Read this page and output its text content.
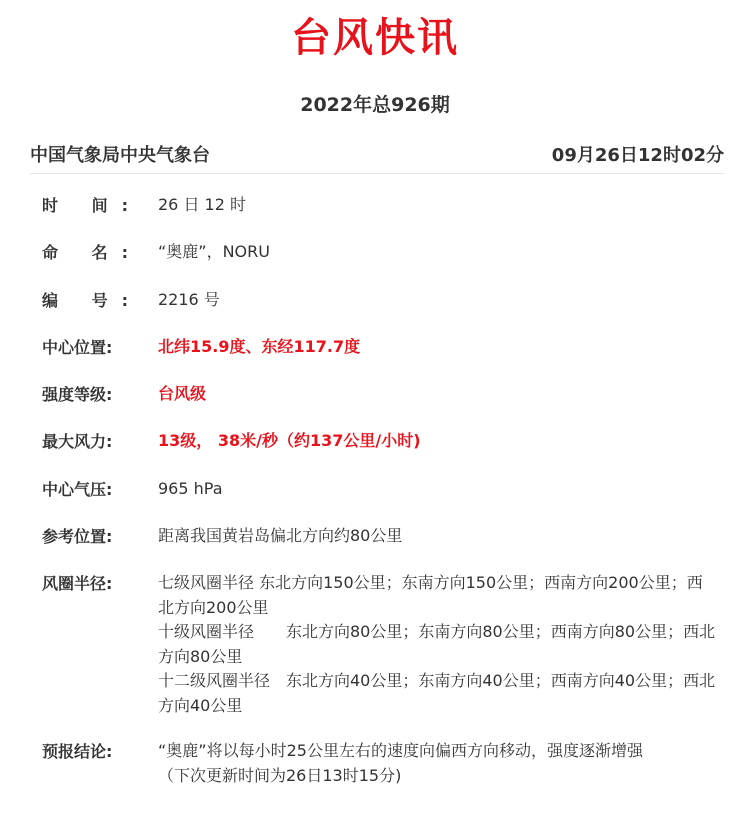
台风快讯
2022年总926期
中国气象局中央气象台	09月26日12时02分
时 间:	26 日 12 时
命 名:	“奥鹿”，NORU
编 号:	2216 号
中心位置:	北纬15.9度、东经117.7度
强度等级:	台风级
最大风力:	13级， 38米/秒（约137公里/小时)
中心气压:	965 hPa
参考位置:	距离我国黄岩岛偏北方向约80公里
风圈半径:	七级风圈半径 东北方向150公里；东南方向150公里；西南方向200公里；西北方向200公里
十级风圈半径　　东北方向80公里；东南方向80公里；西南方向80公里；西北方向80公里
十二级风圈半径　东北方向40公里；东南方向40公里；西南方向40公里；西北方向40公里
预报结论:	“奥鹿”将以每小时25公里左右的速度向偏西方向移动，强度逐渐增强
（下次更新时间为26日13时15分)
